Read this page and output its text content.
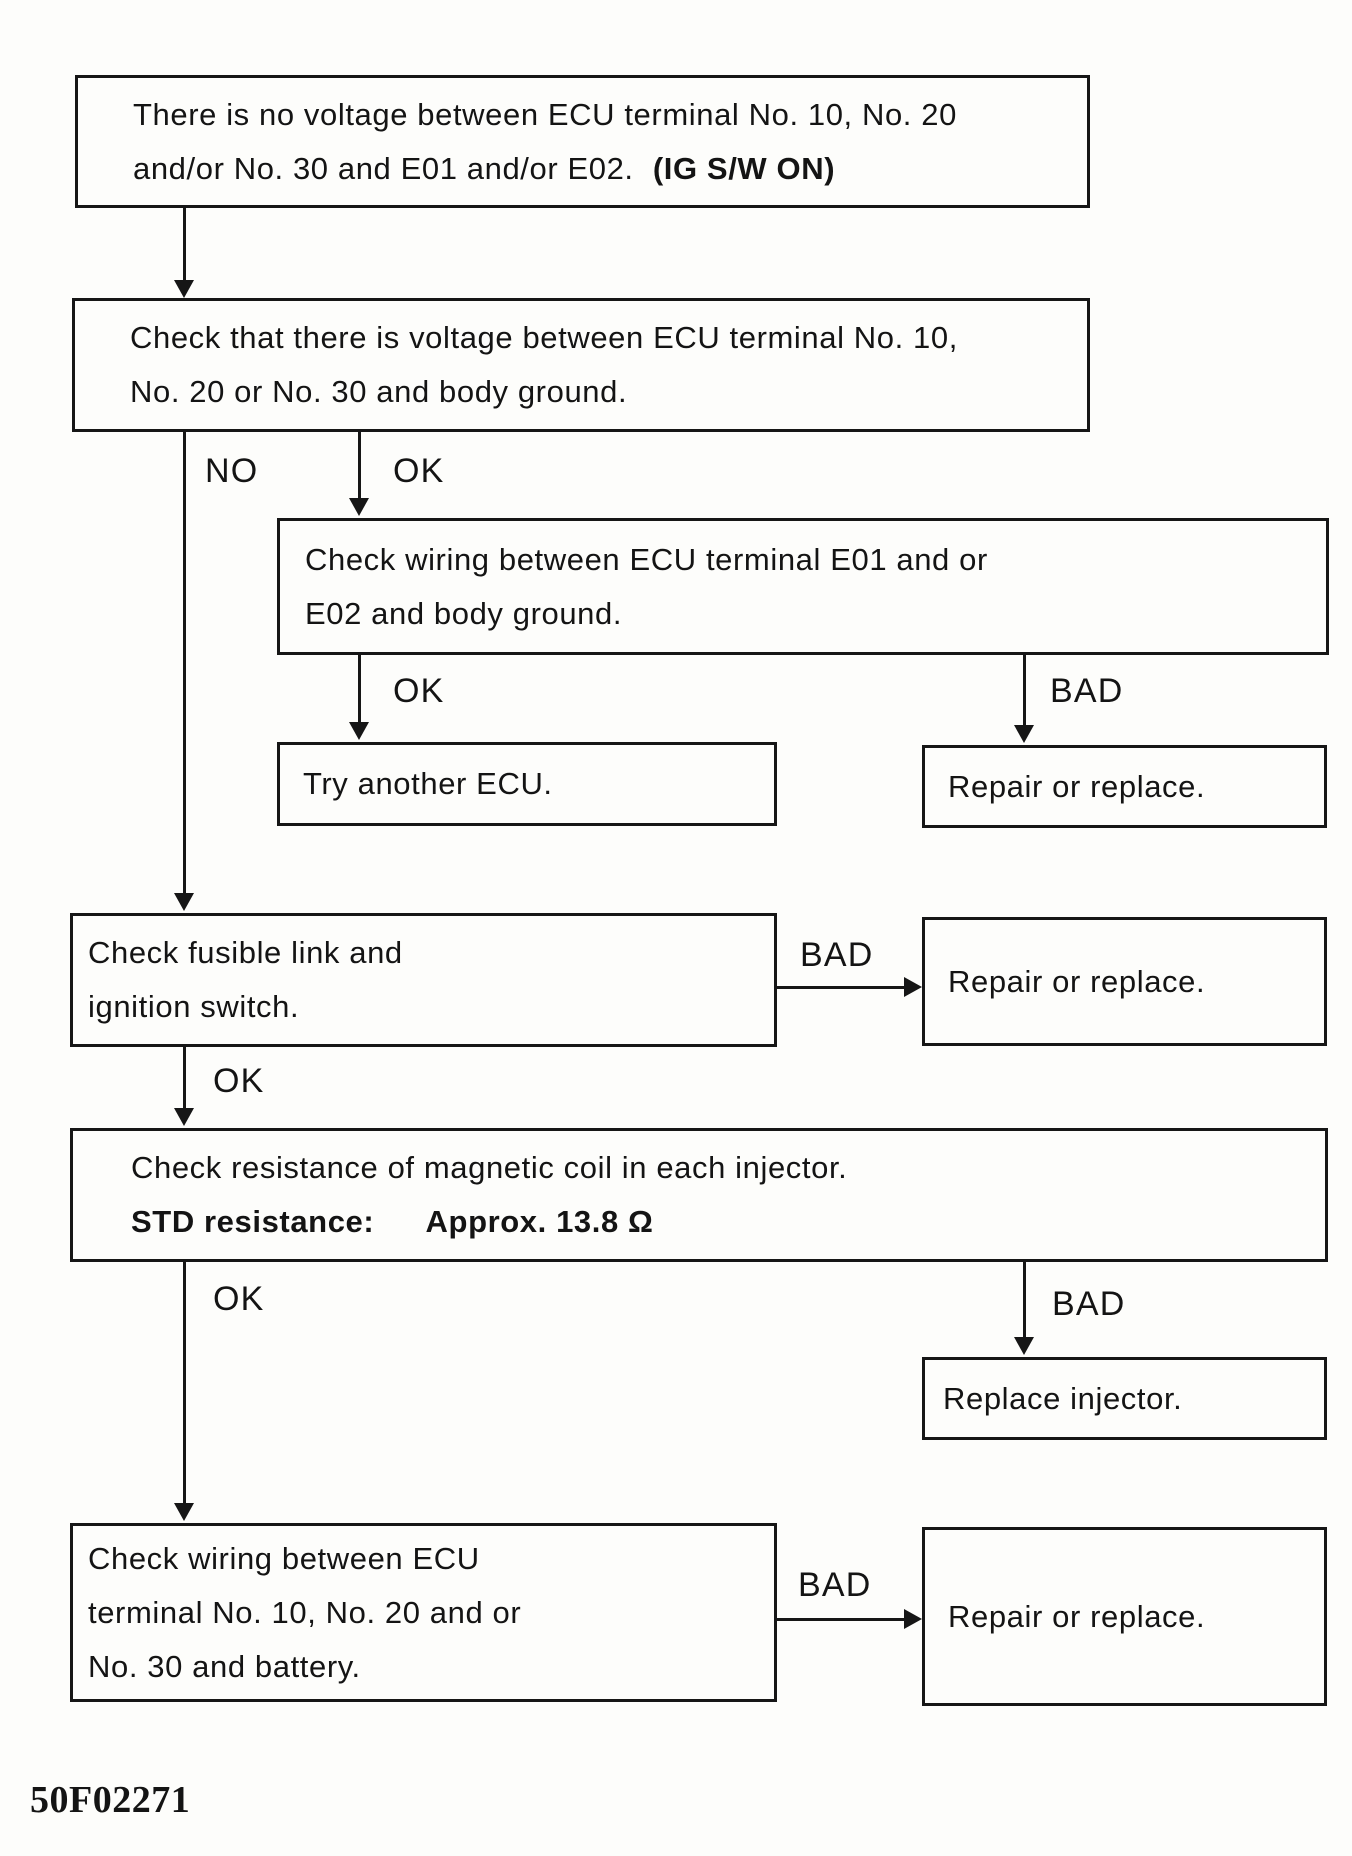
There is no voltage between ECU terminal No. 10, No. 20
and/or No. 30 and E01 and/or E02. (IG S/W ON)
Check that there is voltage between ECU terminal No. 10,
No. 20 or No. 30 and body ground.
NO	OK
Check wiring between ECU terminal E01 and or
E02 and body ground.
OK	BAD
Try another ECU.	Repair or replace.
Check fusible link and
ignition switch.
BAD
Repair or replace.
OK
Check resistance of magnetic coil in each injector.
STD resistance: Approx. 13.8 Ω
OK	BAD
Replace injector.
Check wiring between ECU
terminal No. 10, No. 20 and or
No. 30 and battery.
BAD
Repair or replace.
50F02271
